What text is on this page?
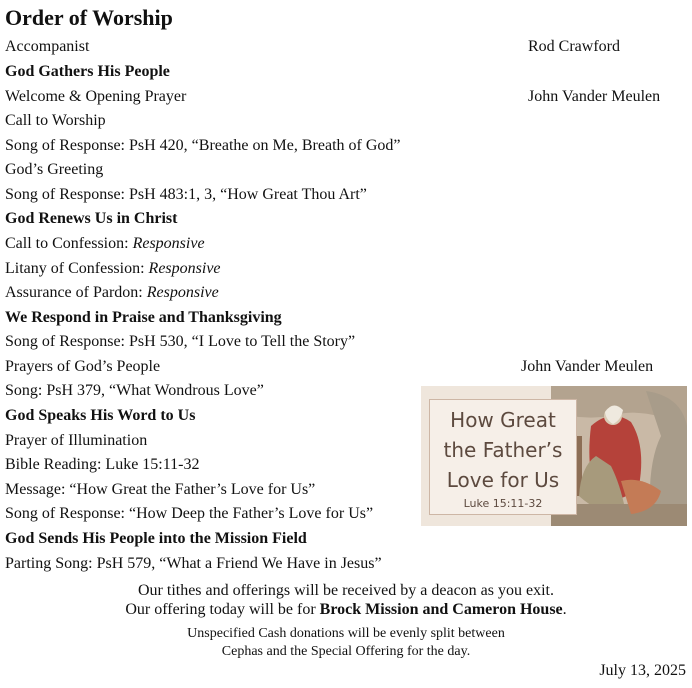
Order of Worship
Accompanist	Rod Crawford
God Gathers His People
Welcome & Opening Prayer	John Vander Meulen
Call to Worship
Song of Response: PsH 420, “Breathe on Me, Breath of God”
God’s Greeting
Song of Response: PsH 483:1, 3, “How Great Thou Art”
God Renews Us in Christ
Call to Confession: Responsive
Litany of Confession: Responsive
Assurance of Pardon: Responsive
We Respond in Praise and Thanksgiving
Song of Response: PsH 530, “I Love to Tell the Story”
Prayers of God’s People	John Vander Meulen
Song: PsH 379, “What Wondrous Love”
God Speaks His Word to Us
Prayer of Illumination
Bible Reading: Luke 15:11-32
Message: “How Great the Father’s Love for Us”
Song of Response: “How Deep the Father’s Love for Us”
God Sends His People into the Mission Field
Parting Song: PsH 579, “What a Friend We Have in Jesus”
How Great
the Father’s
Love for Us
Luke 15:11-32
Our tithes and offerings will be received by a deacon as you exit.
Our offering today will be for Brock Mission and Cameron House.
Unspecified Cash donations will be evenly split between
Cephas and the Special Offering for the day.
July 13, 2025
